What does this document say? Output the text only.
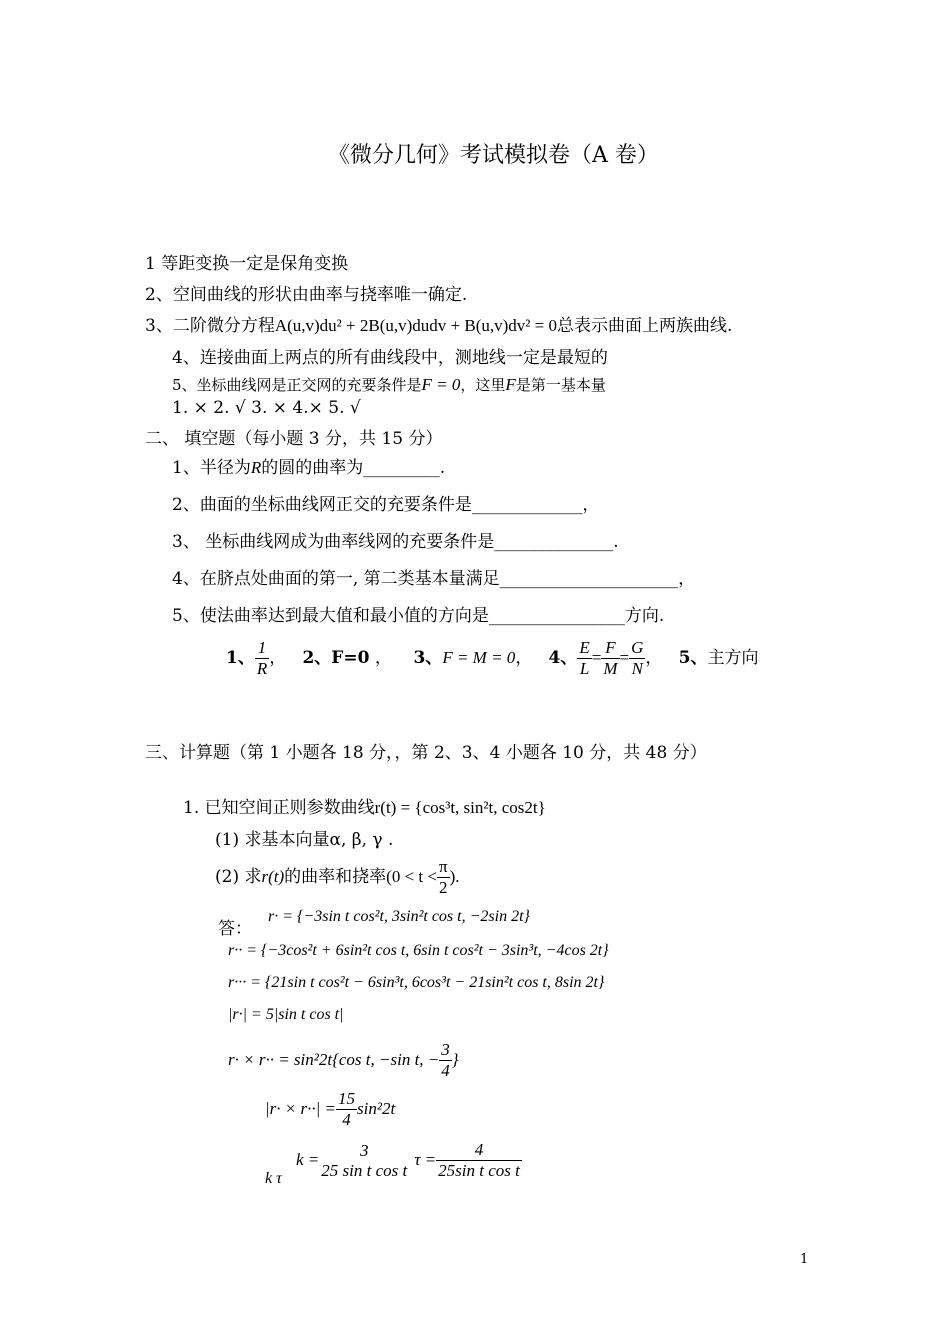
《微分几何》考试模拟卷（A 卷）
1 等距变换一定是保角变换
2、空间曲线的形状由曲率与挠率唯一确定.
3、二阶微分方程A(u,v)du² + 2B(u,v)dudv + B(u,v)dv² = 0总表示曲面上两族曲线.
4、连接曲面上两点的所有曲线段中，测地线一定是最短的
5、坐标曲线网是正交网的充要条件是F = 0，这里F是第一基本量
1. × 2. √ 3. × 4.× 5. √
二、 填空题（每小题 3 分，共 15 分）
1、半径为R的圆的曲率为_________.
2、曲面的坐标曲线网正交的充要条件是_____________，
3、 坐标曲线网成为曲率线网的充要条件是______________.
4、在脐点处曲面的第一, 第二类基本量满足_____________________，
5、使法曲率达到最大值和最小值的方向是________________方向.
1、 $\frac{1}{R}$ ，   2、F=0 ，    3、F = M = 0，   4、 $\frac{E}{L} = \frac{F}{M} = \frac{G}{N}$ ，   5、主方向
三、计算题（第 1 小题各 18 分，，第 2、3、4 小题各 10 分，共 48 分）
1. 已知空间正则参数曲线r(t) = {cos³t, sin²t, cos2t}
(1) 求基本向量α, β, γ .
(2) 求r(t)的曲率和挠率($0 < t < \frac{\pi}{2}$ ).
答：
r· = {−3sin t cos²t, 3sin²t cos t, −2sin 2t}
r·· = {−3cos²t + 6sin²t cos t, 6sin t cos²t − 3sin³t, −4cos 2t}
r··· = {21sin t cos²t − 6sin³t, 6cos³t − 21sin²t cos t, 8sin 2t}
|r·| = 5|sin t cos t|
r· × r·· = sin²2t{cos t, −sin t, − $\frac{3}{4}$ }
$|r\cdot \times r\cdot\cdot| = \frac{15}{4} \sin^22t$
k τ
k =	3
25 sin t cos t
$\tau = \frac{4}{\text{25sin t cos t}}$
1
